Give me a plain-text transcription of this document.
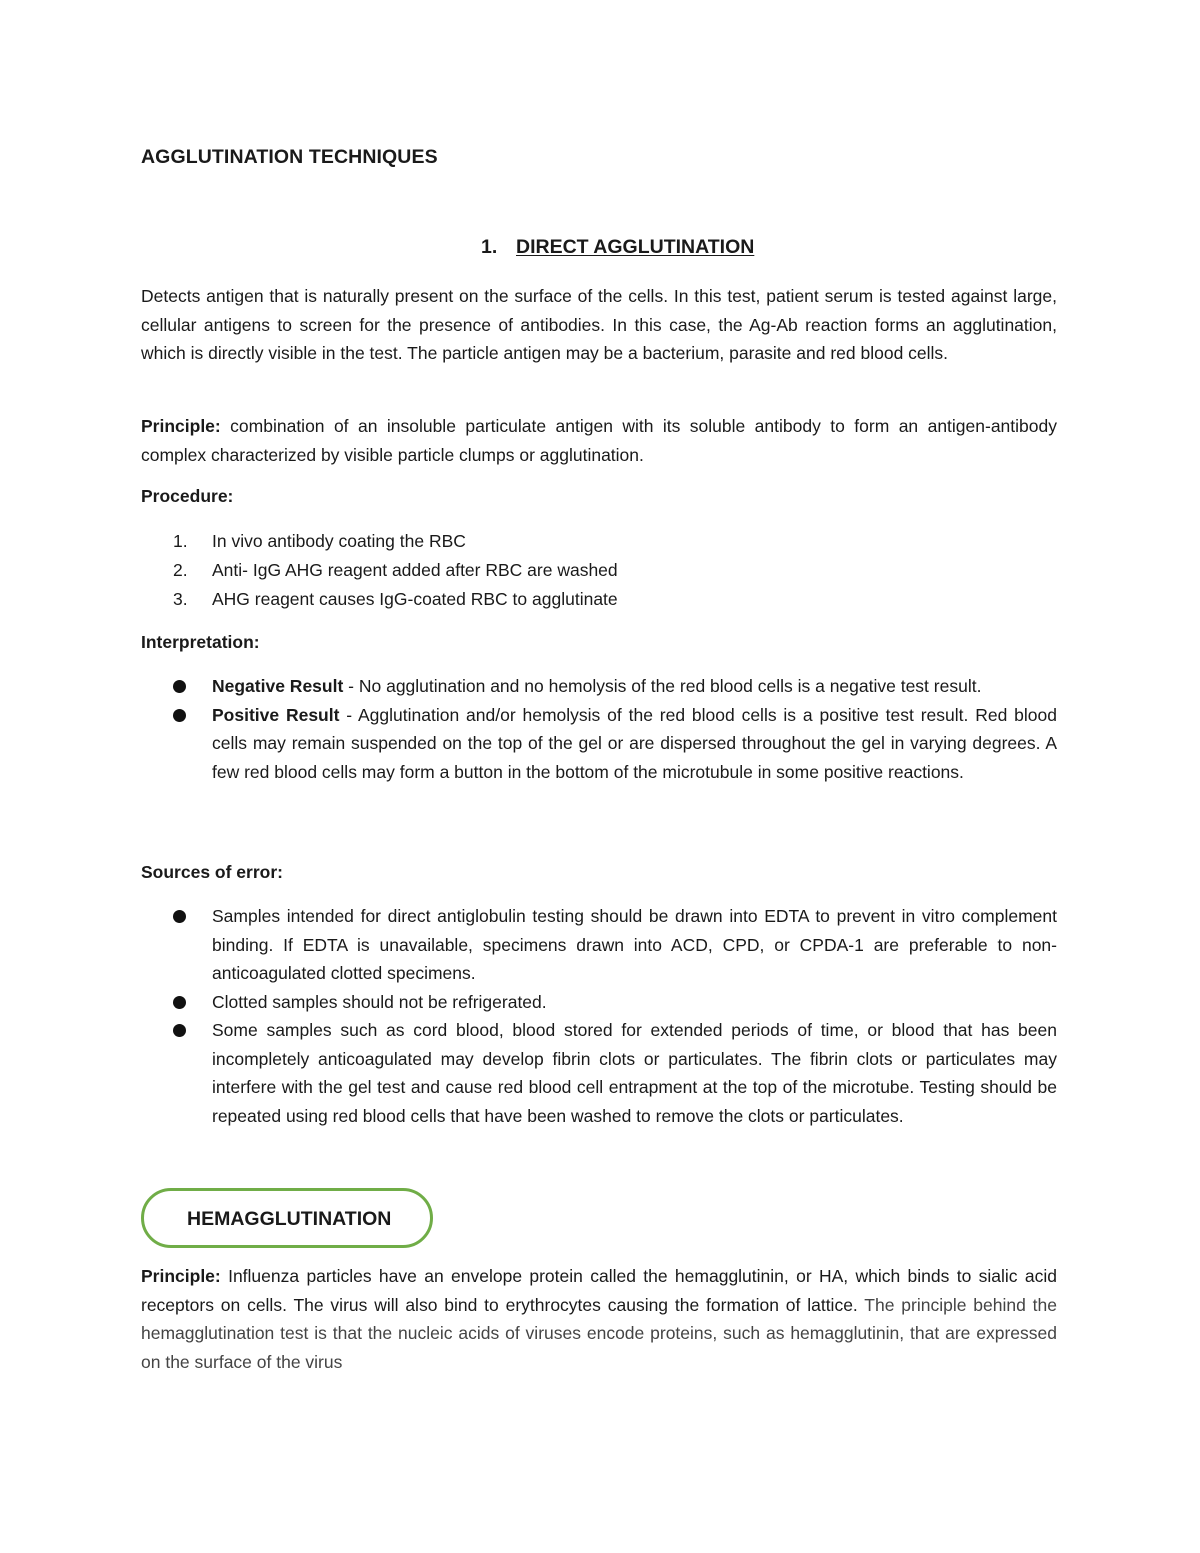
AGGLUTINATION TECHNIQUES
1. DIRECT AGGLUTINATION

Detects antigen that is naturally present on the surface of the cells. In this test, patient serum is tested against large, cellular antigens to screen for the presence of antibodies. In this case, the Ag-Ab reaction forms an agglutination, which is directly visible in the test. The particle antigen may be a bacterium, parasite and red blood cells.

Principle: combination of an insoluble particulate antigen with its soluble antibody to form an antigen-antibody complex characterized by visible particle clumps or agglutination.

Procedure:
1. In vivo antibody coating the RBC
2. Anti- IgG AHG reagent added after RBC are washed
3. AHG reagent causes IgG-coated RBC to agglutinate
Interpretation:
Negative Result - No agglutination and no hemolysis of the red blood cells is a negative test result.
Positive Result - Agglutination and/or hemolysis of the red blood cells is a positive test result. Red blood cells may remain suspended on the top of the gel or are dispersed throughout the gel in varying degrees. A few red blood cells may form a button in the bottom of the microtubule in some positive reactions.
Sources of error:
Samples intended for direct antiglobulin testing should be drawn into EDTA to prevent in vitro complement binding. If EDTA is unavailable, specimens drawn into ACD, CPD, or CPDA-1 are preferable to non-anticoagulated clotted specimens.
Clotted samples should not be refrigerated.
Some samples such as cord blood, blood stored for extended periods of time, or blood that has been incompletely anticoagulated may develop fibrin clots or particulates. The fibrin clots or particulates may interfere with the gel test and cause red blood cell entrapment at the top of the microtube. Testing should be repeated using red blood cells that have been washed to remove the clots or particulates.

Principle: Influenza particles have an envelope protein called the hemagglutinin, or HA, which binds to sialic acid receptors on cells. The virus will also bind to erythrocytes causing the formation of lattice. The principle behind the hemagglutination test is that the nucleic acids of viruses encode proteins, such as hemagglutinin, that are expressed on the surface of the virus

HEMAGGLUTINATION
